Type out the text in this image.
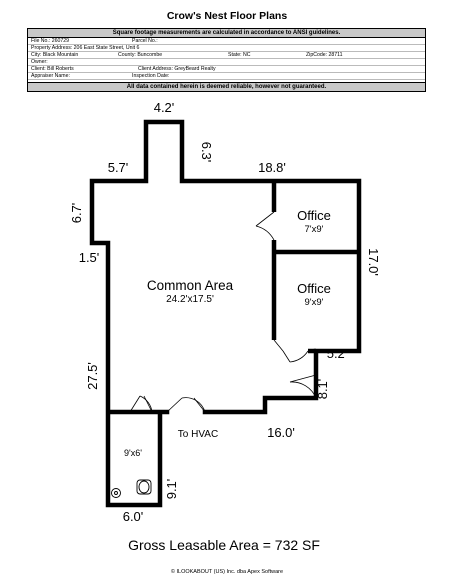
Crow's Nest Floor Plans
Square footage measurements are calculated in accordance to ANSI guidelines.
File No.: 260729	Parcel No.:
Property Address: 206 East State Street, Unit 6
City: Black Mountain	County: Buncombe	State: NC	ZipCode: 28711
Owner:
Client: Bill Roberts	Client Address: GreyBeard Realty
Appraiser Name:	Inspection Date:
All data contained herein is deemed reliable, however not guaranteed.
4.2'
6.3'
5.7'	18.8'
6.7'
1.5'
27.5'
17.0'
5.2'
8.1'
16.0'
9.1'
6.0'
Office
7'x9'
Office
9'x9'
Common Area
24.2'x17.5'
To HVAC
9'x6'
Gross Leasable Area = 732 SF
© ILOOKABOUT (US) Inc. dba Apex Software
